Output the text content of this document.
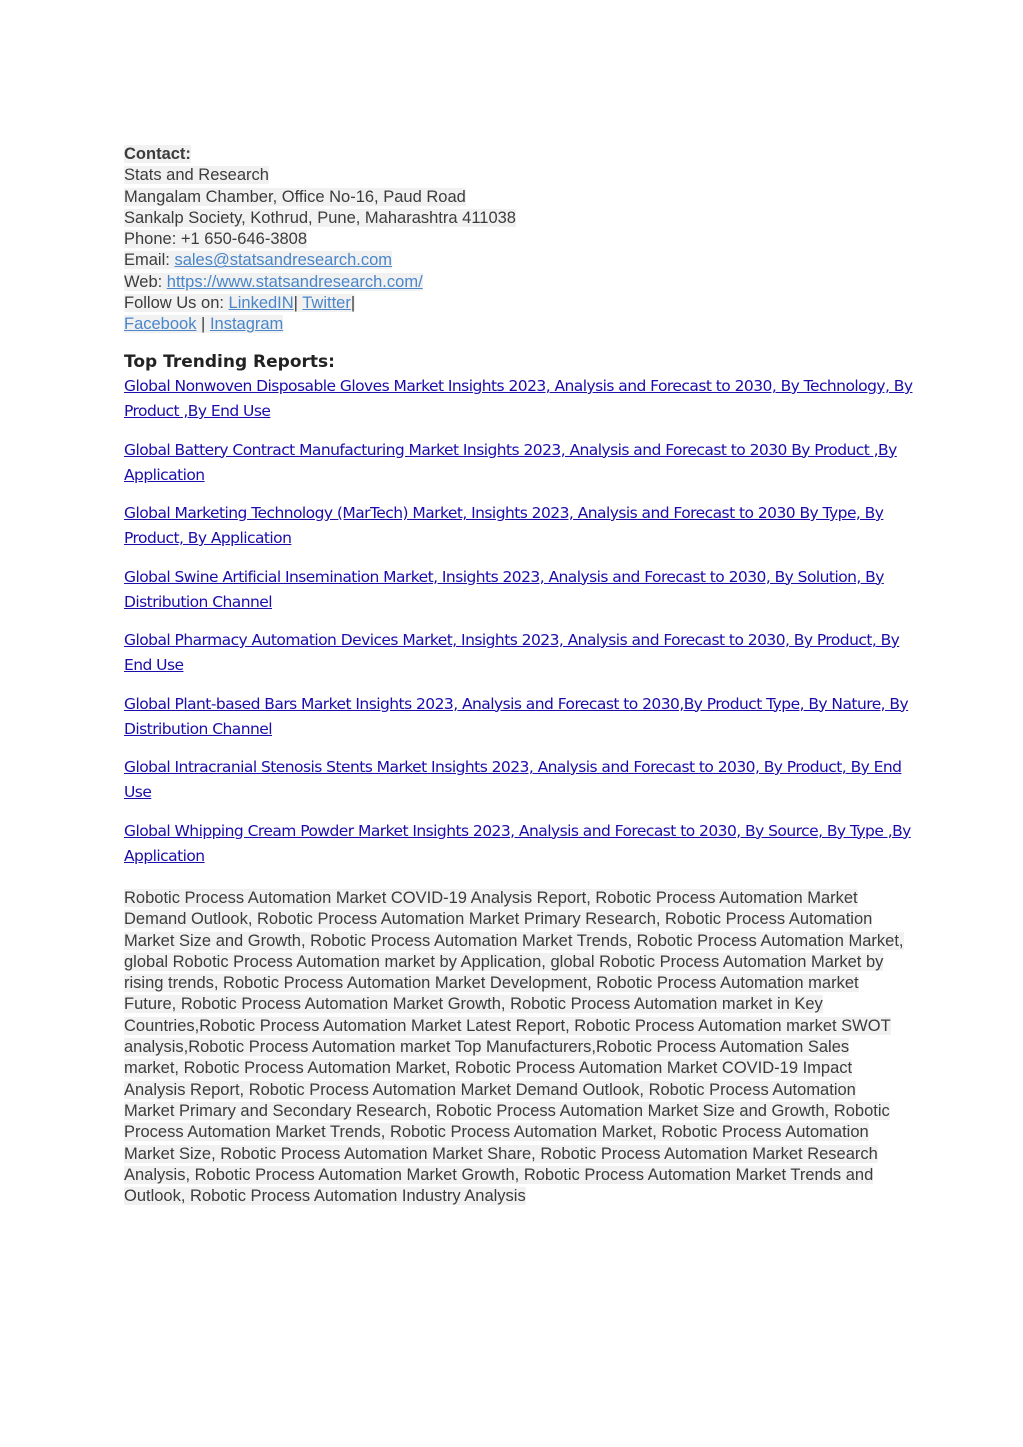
Contact:
Stats and Research
Mangalam Chamber, Office No-16, Paud Road
Sankalp Society, Kothrud, Pune, Maharashtra 411038
Phone: +1 650-646-3808
Email: sales@statsandresearch.com
Web: https://www.statsandresearch.com/
Follow Us on: LinkedIN| Twitter|
Facebook | Instagram
Top Trending Reports:
Global Nonwoven Disposable Gloves Market Insights 2023, Analysis and Forecast to 2030, By Technology, By Product ,By End Use
Global Battery Contract Manufacturing Market Insights 2023, Analysis and Forecast to 2030 By Product ,By Application
Global Marketing Technology (MarTech) Market, Insights 2023, Analysis and Forecast to 2030 By Type, By Product, By Application
Global Swine Artificial Insemination Market, Insights 2023, Analysis and Forecast to 2030, By Solution, By Distribution Channel
Global Pharmacy Automation Devices Market, Insights 2023, Analysis and Forecast to 2030, By Product, By End Use
Global Plant-based Bars Market Insights 2023, Analysis and Forecast to 2030,By Product Type, By Nature, By Distribution Channel
Global Intracranial Stenosis Stents Market Insights 2023, Analysis and Forecast to 2030, By Product, By End Use
Global Whipping Cream Powder Market Insights 2023, Analysis and Forecast to 2030, By Source, By Type ,By Application
Robotic Process Automation Market COVID-19 Analysis Report, Robotic Process Automation Market Demand Outlook, Robotic Process Automation Market Primary Research, Robotic Process Automation Market Size and Growth, Robotic Process Automation Market Trends, Robotic Process Automation Market, global Robotic Process Automation market by Application, global Robotic Process Automation Market by rising trends, Robotic Process Automation Market Development, Robotic Process Automation market Future, Robotic Process Automation Market Growth, Robotic Process Automation market in Key Countries,Robotic Process Automation Market Latest Report, Robotic Process Automation market SWOT analysis,Robotic Process Automation market Top Manufacturers,Robotic Process Automation Sales market, Robotic Process Automation Market, Robotic Process Automation Market COVID-19 Impact Analysis Report, Robotic Process Automation Market Demand Outlook, Robotic Process Automation Market Primary and Secondary Research, Robotic Process Automation Market Size and Growth, Robotic Process Automation Market Trends, Robotic Process Automation Market, Robotic Process Automation Market Size, Robotic Process Automation Market Share, Robotic Process Automation Market Research Analysis, Robotic Process Automation Market Growth, Robotic Process Automation Market Trends and Outlook, Robotic Process Automation Industry Analysis
